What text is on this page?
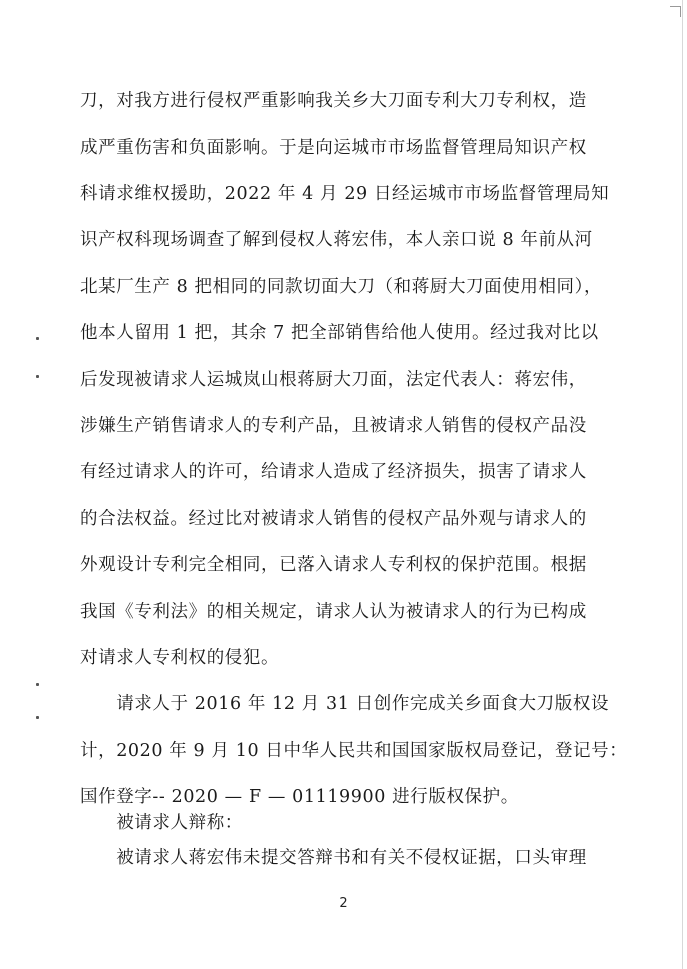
刀，对我方进行侵权严重影响我关乡大刀面专利大刀专利权，造
成严重伤害和负面影响。于是向运城市市场监督管理局知识产权
科请求维权援助，2022 年 4 月 29 日经运城市市场监督管理局知
识产权科现场调查了解到侵权人蒋宏伟，本人亲口说 8 年前从河
北某厂生产 8 把相同的同款切面大刀（和蒋厨大刀面使用相同），
他本人留用 1 把，其余 7 把全部销售给他人使用。经过我对比以
后发现被请求人运城岚山根蒋厨大刀面，法定代表人：蒋宏伟，
涉嫌生产销售请求人的专利产品，且被请求人销售的侵权产品没
有经过请求人的许可，给请求人造成了经济损失，损害了请求人
的合法权益。经过比对被请求人销售的侵权产品外观与请求人的
外观设计专利完全相同，已落入请求人专利权的保护范围。根据
我国《专利法》的相关规定，请求人认为被请求人的行为已构成
对请求人专利权的侵犯。
　　请求人于 2016 年 12 月 31 日创作完成关乡面食大刀版权设
计，2020 年 9 月 10 日中华人民共和国国家版权局登记，登记号：
国作登字-- 2020 — F — 01119900 进行版权保护。
　　被请求人辩称：
　　被请求人蒋宏伟未提交答辩书和有关不侵权证据，口头审理
2
